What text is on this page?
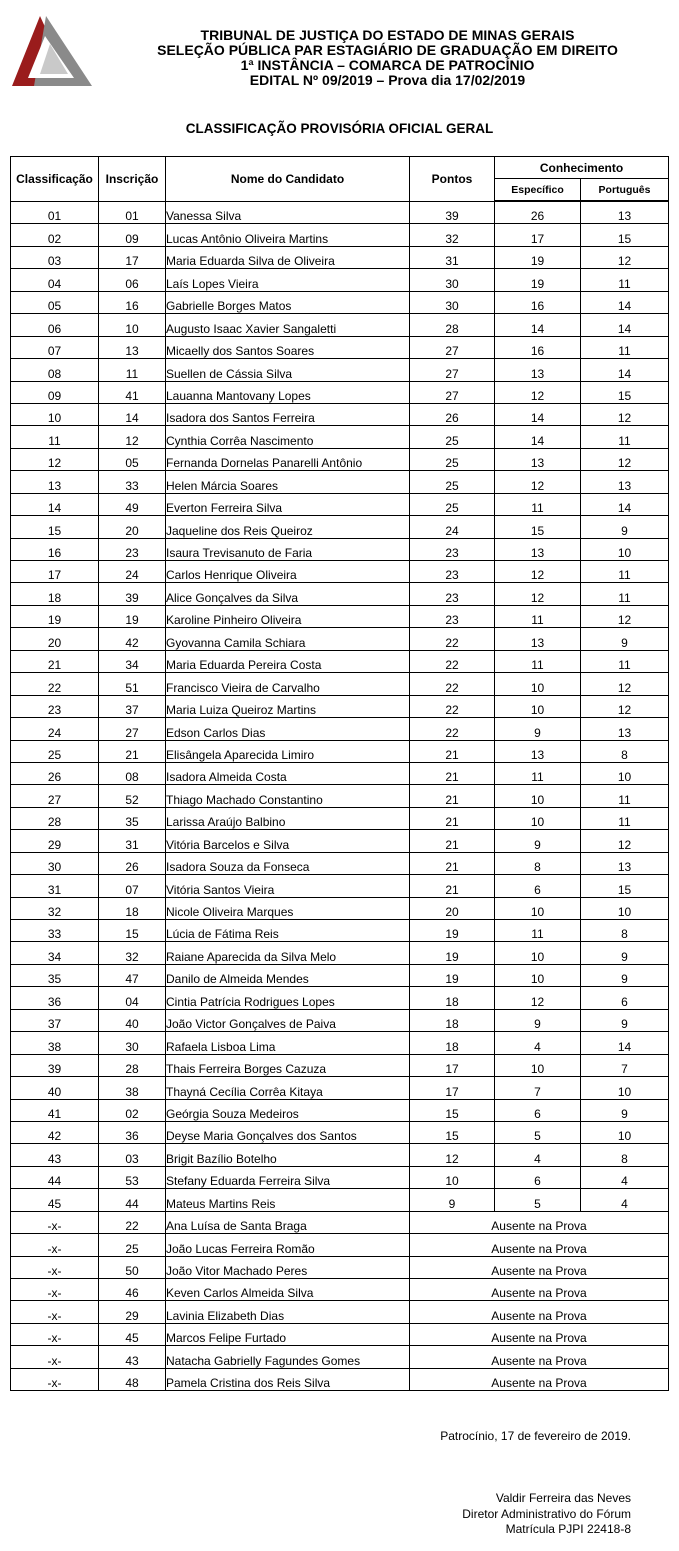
TRIBUNAL DE JUSTIÇA DO ESTADO DE MINAS GERAIS
SELEÇÃO PÚBLICA PAR ESTAGIÁRIO DE GRADUAÇÃO EM DIREITO
1ª INSTÂNCIA – COMARCA DE PATROCÍNIO
EDITAL Nº 09/2019 – Prova dia 17/02/2019
CLASSIFICAÇÃO PROVISÓRIA OFICIAL GERAL
Classificação	Inscrição	Nome do Candidato	Pontos	Conhecimento	
				Específico	Português
01	01	Vanessa Silva	39	26	13
02	09	Lucas Antônio Oliveira Martins	32	17	15
03	17	Maria Eduarda Silva de Oliveira	31	19	12
04	06	Laís Lopes Vieira	30	19	11
05	16	Gabrielle Borges Matos	30	16	14
06	10	Augusto Isaac Xavier Sangaletti	28	14	14
07	13	Micaelly dos Santos Soares	27	16	11
08	11	Suellen de Cássia Silva	27	13	14
09	41	Lauanna Mantovany Lopes	27	12	15
10	14	Isadora dos Santos Ferreira	26	14	12
11	12	Cynthia Corrêa Nascimento	25	14	11
12	05	Fernanda Dornelas Panarelli Antônio	25	13	12
13	33	Helen Márcia Soares	25	12	13
14	49	Everton Ferreira Silva	25	11	14
15	20	Jaqueline dos Reis Queiroz	24	15	9
16	23	Isaura Trevisanuto de Faria	23	13	10
17	24	Carlos Henrique Oliveira	23	12	11
18	39	Alice Gonçalves da Silva	23	12	11
19	19	Karoline Pinheiro Oliveira	23	11	12
20	42	Gyovanna Camila Schiara	22	13	9
21	34	Maria Eduarda Pereira Costa	22	11	11
22	51	Francisco Vieira de Carvalho	22	10	12
23	37	Maria Luiza Queiroz Martins	22	10	12
24	27	Edson Carlos Dias	22	9	13
25	21	Elisângela Aparecida Limiro	21	13	8
26	08	Isadora Almeida Costa	21	11	10
27	52	Thiago Machado Constantino	21	10	11
28	35	Larissa Araújo Balbino	21	10	11
29	31	Vitória Barcelos e Silva	21	9	12
30	26	Isadora Souza da Fonseca	21	8	13
31	07	Vitória Santos Vieira	21	6	15
32	18	Nicole Oliveira Marques	20	10	10
33	15	Lúcia de Fátima Reis	19	11	8
34	32	Raiane Aparecida da Silva Melo	19	10	9
35	47	Danilo de Almeida Mendes	19	10	9
36	04	Cintia Patrícia Rodrigues Lopes	18	12	6
37	40	João Victor Gonçalves de Paiva	18	9	9
38	30	Rafaela Lisboa Lima	18	4	14
39	28	Thais Ferreira Borges Cazuza	17	10	7
40	38	Thayná Cecília Corrêa Kitaya	17	7	10
41	02	Geórgia Souza Medeiros	15	6	9
42	36	Deyse Maria Gonçalves dos Santos	15	5	10
43	03	Brigit Bazílio Botelho	12	4	8
44	53	Stefany Eduarda Ferreira Silva	10	6	4
45	44	Mateus Martins Reis	9	5	4
-x-	22	Ana Luísa de Santa Braga	Ausente na Prova		
-x-	25	João Lucas Ferreira Romão	Ausente na Prova		
-x-	50	João Vitor Machado Peres	Ausente na Prova		
-x-	46	Keven Carlos Almeida Silva	Ausente na Prova		
-x-	29	Lavinia Elizabeth Dias	Ausente na Prova		
-x-	45	Marcos Felipe Furtado	Ausente na Prova		
-x-	43	Natacha Gabrielly Fagundes Gomes	Ausente na Prova		
-x-	48	Pamela Cristina dos Reis Silva	Ausente na Prova		
Patrocínio, 17 de fevereiro de 2019.
Valdir Ferreira das Neves
Diretor Administrativo do Fórum
Matrícula PJPI 22418-8
